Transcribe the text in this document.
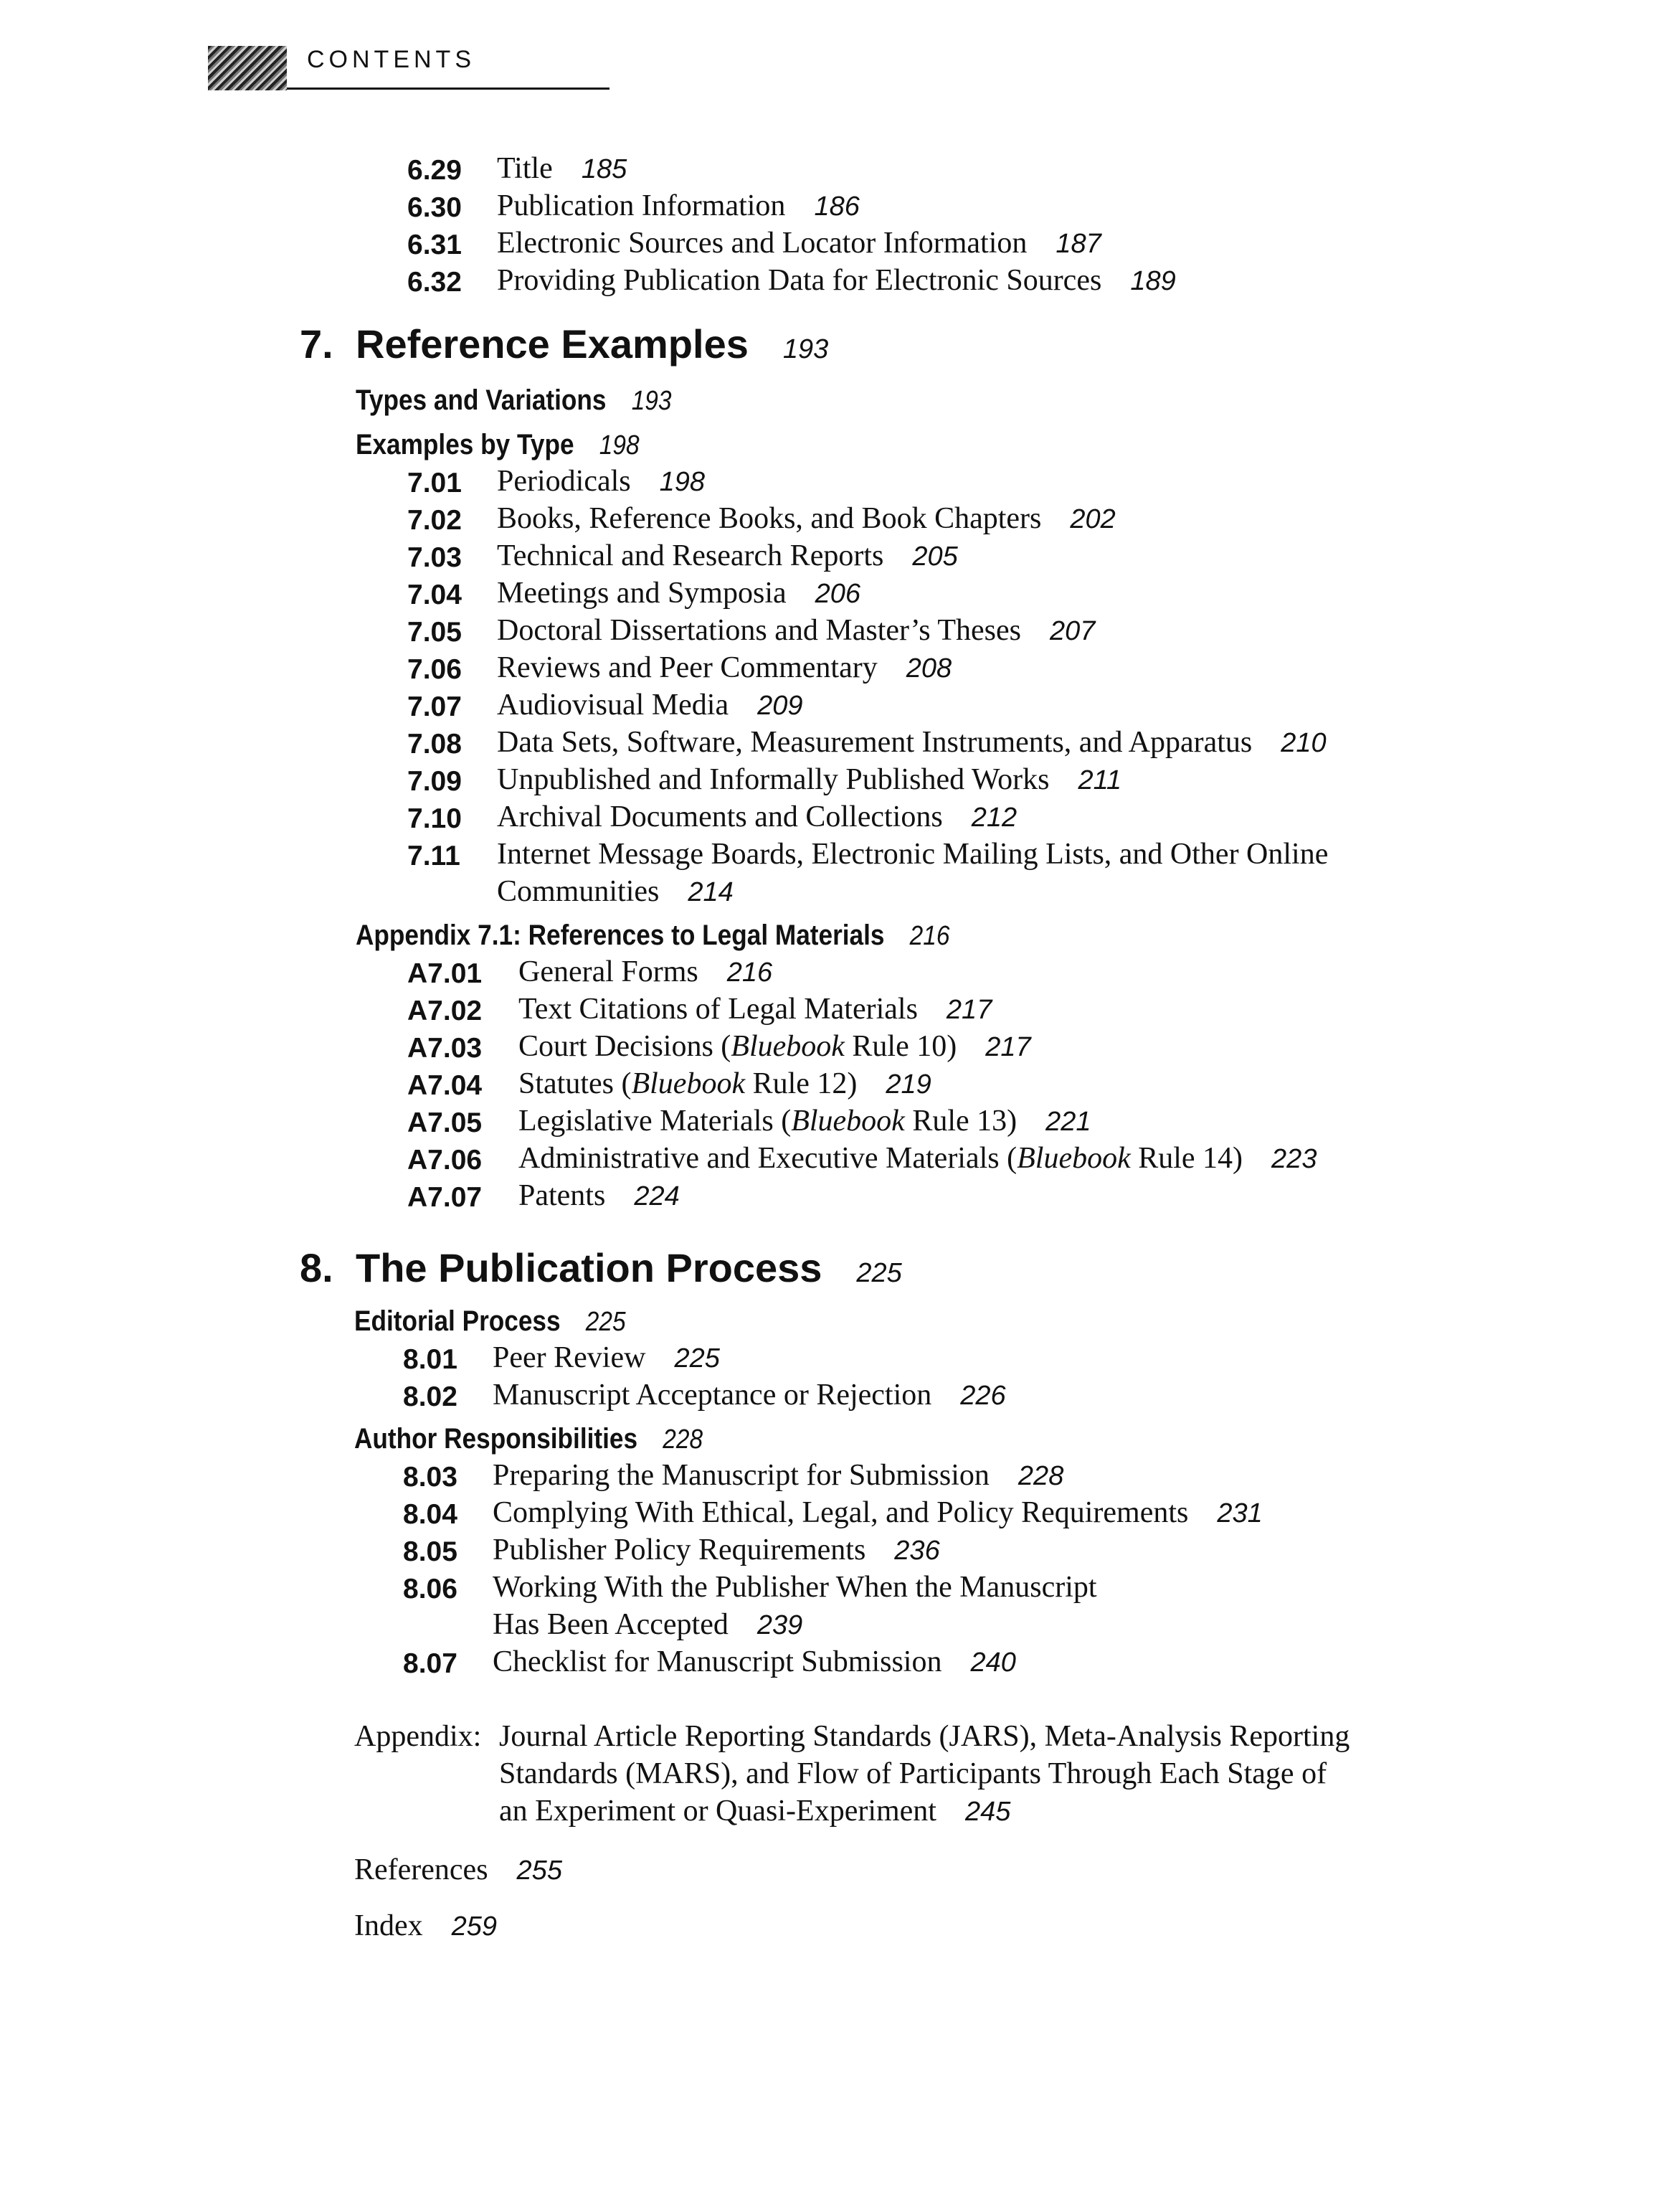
CONTENTS
6.29 Title 185
6.30 Publication Information 186
6.31 Electronic Sources and Locator Information 187
6.32 Providing Publication Data for Electronic Sources 189
7. Reference Examples 193
Types and Variations 193
Examples by Type 198
7.01 Periodicals 198
7.02 Books, Reference Books, and Book Chapters 202
7.03 Technical and Research Reports 205
7.04 Meetings and Symposia 206
7.05 Doctoral Dissertations and Master’s Theses 207
7.06 Reviews and Peer Commentary 208
7.07 Audiovisual Media 209
7.08 Data Sets, Software, Measurement Instruments, and Apparatus 210
7.09 Unpublished and Informally Published Works 211
7.10 Archival Documents and Collections 212
7.11 Internet Message Boards, Electronic Mailing Lists, and Other Online
Communities 214
Appendix 7.1: References to Legal Materials 216
A7.01 General Forms 216
A7.02 Text Citations of Legal Materials 217
A7.03 Court Decisions (Bluebook Rule 10) 217
A7.04 Statutes (Bluebook Rule 12) 219
A7.05 Legislative Materials (Bluebook Rule 13) 221
A7.06 Administrative and Executive Materials (Bluebook Rule 14) 223
A7.07 Patents 224
8. The Publication Process 225
Editorial Process 225
8.01 Peer Review 225
8.02 Manuscript Acceptance or Rejection 226
Author Responsibilities 228
8.03 Preparing the Manuscript for Submission 228
8.04 Complying With Ethical, Legal, and Policy Requirements 231
8.05 Publisher Policy Requirements 236
8.06 Working With the Publisher When the Manuscript
Has Been Accepted 239
8.07 Checklist for Manuscript Submission 240
Appendix: Journal Article Reporting Standards (JARS), Meta-Analysis Reporting
Standards (MARS), and Flow of Participants Through Each Stage of
an Experiment or Quasi-Experiment 245
References 255
Index 259
